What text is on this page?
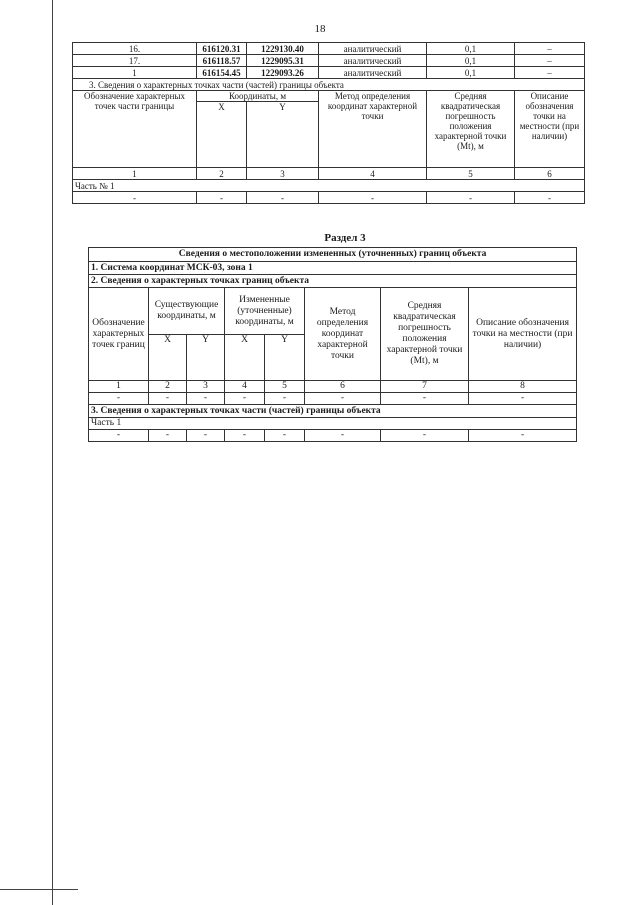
18
16.	616120.31	1229130.40	аналитический	0,1	–
17.	616118.57	1229095.31	аналитический	0,1	–
1	616154.45	1229093.26	аналитический	0,1	–
3. Сведения о характерных точках части (частей) границы объекта					
Обозначение характерных точек части границы	Координаты, м		Метод определения координат характерной точки	Средняя квадратическая погрешность положения характерной точки (Mt), м	Описание обозначения точки на местности (при наличии)
	X	Y			
1	2	3	4	5	6
Часть № 1					
-	-	-	-	-	-
Раздел 3
Сведения о местоположении измененных (уточненных) границ объекта							
1. Система координат МСК-03, зона 1							
2. Сведения о характерных точках границ объекта							
Обозначение характерных точек границ	Существующие координаты, м		Измененные (уточненные) координаты, м		Метод определения координат характерной точки	Средняя квадратическая погрешность положения характерной точки (Mt), м	Описание обозначения точки на местности (при наличии)
	X	Y	X	Y			
1	2	3	4	5	6	7	8
-	-	-	-	-	-	-	-
3. Сведения о характерных точках части (частей) границы объекта							
Часть 1							
-	-	-	-	-	-	-	-
